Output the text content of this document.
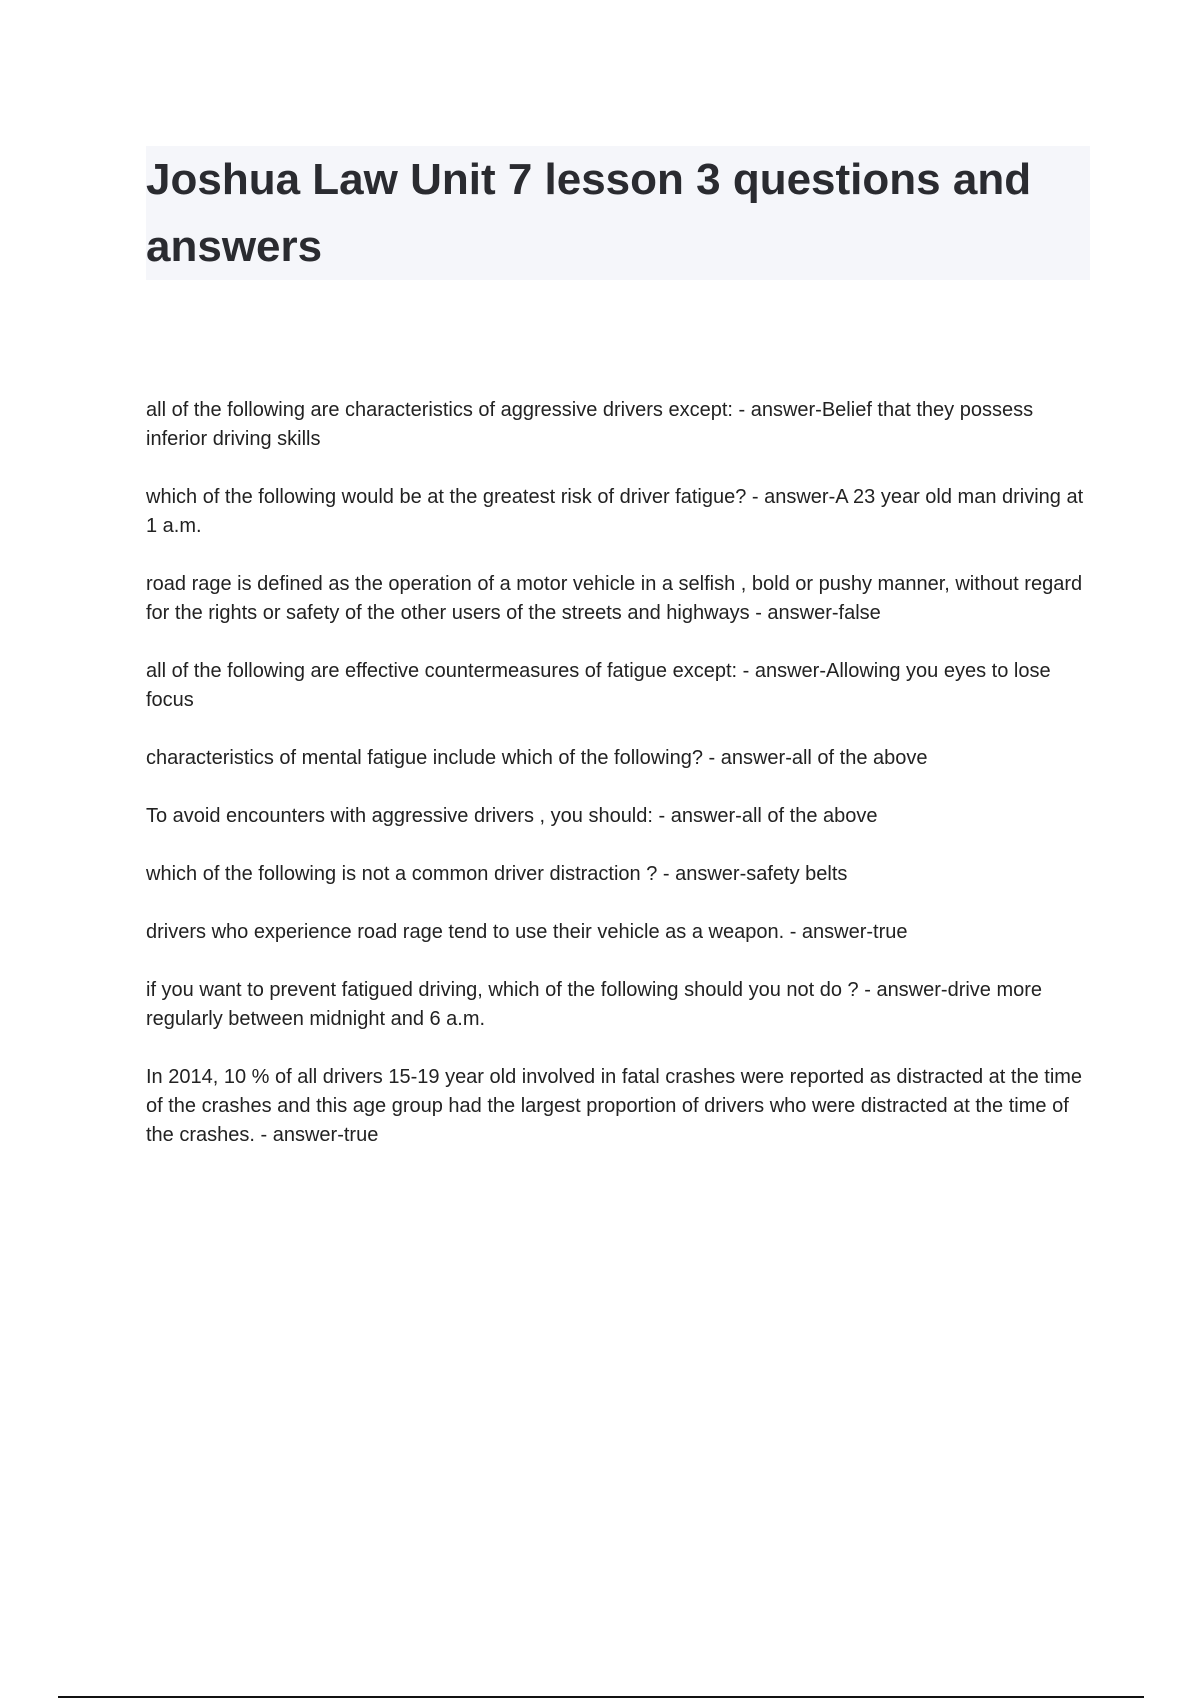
Joshua Law Unit 7 lesson 3 questions and answers

all of the following are characteristics of aggressive drivers except: - answer-Belief that they possess inferior driving skills

which of the following would be at the greatest risk of driver fatigue? - answer-A 23 year old man driving at 1 a.m.

road rage is defined as the operation of a motor vehicle in a selfish , bold or pushy manner, without regard for the rights or safety of the other users of the streets and highways - answer-false

all of the following are effective countermeasures of fatigue except: - answer-Allowing you eyes to lose focus

characteristics of mental fatigue include which of the following? - answer-all of the above

To avoid encounters with aggressive drivers , you should: - answer-all of the above

which of the following is not a common driver distraction ? - answer-safety belts

drivers who experience road rage tend to use their vehicle as a weapon. - answer-true

if you want to prevent fatigued driving, which of the following should you not do ? - answer-drive more regularly between midnight and 6 a.m.

In 2014, 10 % of all drivers 15-19 year old involved in fatal crashes were reported as distracted at the time of the crashes and this age group had the largest proportion of drivers who were distracted at the time of the crashes. - answer-true
